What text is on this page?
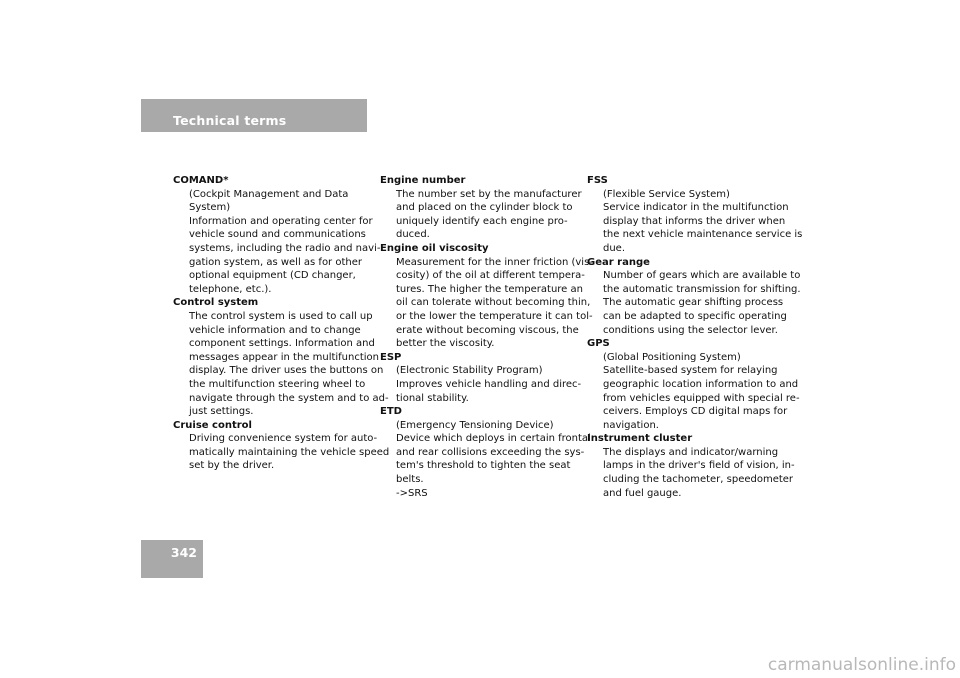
Technical terms
COMAND*
(Cockpit Management and Data
System)
Information and operating center for
vehicle sound and communications
systems, including the radio and navi-
gation system, as well as for other
optional equipment (CD changer,
telephone, etc.).
Control system
The control system is used to call up
vehicle information and to change
component settings. Information and
messages appear in the multifunction
display. The driver uses the buttons on
the multifunction steering wheel to
navigate through the system and to ad-
just settings.
Cruise control
Driving convenience system for auto-
matically maintaining the vehicle speed
set by the driver.
Engine number
The number set by the manufacturer
and placed on the cylinder block to
uniquely identify each engine pro-
duced.
Engine oil viscosity
Measurement for the inner friction (vis-
cosity) of the oil at different tempera-
tures. The higher the temperature an
oil can tolerate without becoming thin,
or the lower the temperature it can tol-
erate without becoming viscous, the
better the viscosity.
ESP
(Electronic Stability Program)
Improves vehicle handling and direc-
tional stability.
ETD
(Emergency Tensioning Device)
Device which deploys in certain frontal
and rear collisions exceeding the sys-
tem's threshold to tighten the seat
belts.
->SRS
FSS
(Flexible Service System)
Service indicator in the multifunction
display that informs the driver when
the next vehicle maintenance service is
due.
Gear range
Number of gears which are available to
the automatic transmission for shifting.
The automatic gear shifting process
can be adapted to specific operating
conditions using the selector lever.
GPS
(Global Positioning System)
Satellite-based system for relaying
geographic location information to and
from vehicles equipped with special re-
ceivers. Employs CD digital maps for
navigation.
Instrument cluster
The displays and indicator/warning
lamps in the driver's field of vision, in-
cluding the tachometer, speedometer
and fuel gauge.
342
carmanualsonline.info
